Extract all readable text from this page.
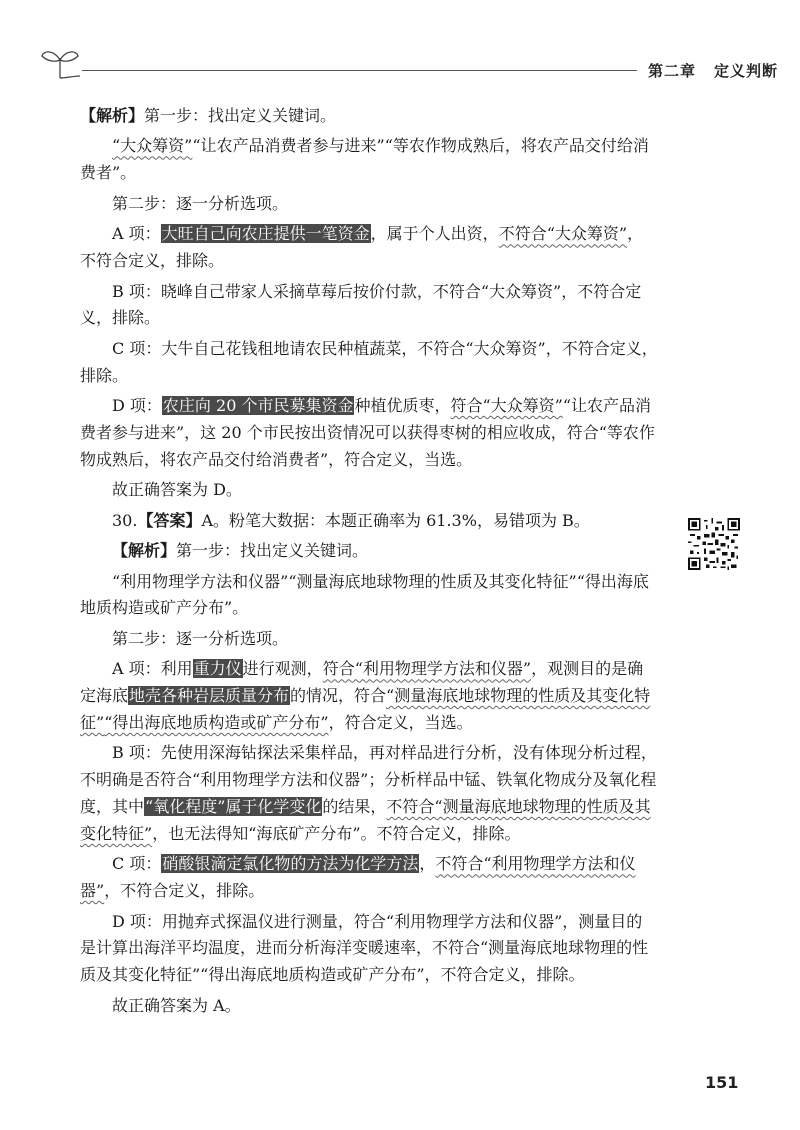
第二章 定义判断

【解析】第一步：找出定义关键词。

“大众筹资”“让农产品消费者参与进来”“等农作物成熟后，将农产品交付给消费者”。

第二步：逐一分析选项。

A 项：大旺自己向农庄提供一笔资金，属于个人出资，不符合“大众筹资”，不符合定义，排除。

B 项：晓峰自己带家人采摘草莓后按价付款，不符合“大众筹资”，不符合定义，排除。

C 项：大牛自己花钱租地请农民种植蔬菜，不符合“大众筹资”，不符合定义，排除。

D 项：农庄向 20 个市民募集资金种植优质枣，符合“大众筹资”“让农产品消费者参与进来”，这 20 个市民按出资情况可以获得枣树的相应收成，符合“等农作物成熟后，将农产品交付给消费者”，符合定义，当选。

故正确答案为 D。

30.【答案】A。粉笔大数据：本题正确率为 61.3%，易错项为 B。

【解析】第一步：找出定义关键词。

“利用物理学方法和仪器”“测量海底地球物理的性质及其变化特征”“得出海底地质构造或矿产分布”。

第二步：逐一分析选项。

A 项：利用重力仪进行观测，符合“利用物理学方法和仪器”，观测目的是确定海底地壳各种岩层质量分布的情况，符合“测量海底地球物理的性质及其变化特征”“得出海底地质构造或矿产分布”，符合定义，当选。

B 项：先使用深海钻探法采集样品，再对样品进行分析，没有体现分析过程，不明确是否符合“利用物理学方法和仪器”；分析样品中锰、铁氧化物成分及氧化程度，其中“氧化程度”属于化学变化的结果，不符合“测量海底地球物理的性质及其变化特征”，也无法得知“海底矿产分布”。不符合定义，排除。

C 项：硝酸银滴定氯化物的方法为化学方法，不符合“利用物理学方法和仪器”，不符合定义，排除。

D 项：用抛弃式探温仪进行测量，符合“利用物理学方法和仪器”，测量目的是计算出海洋平均温度，进而分析海洋变暖速率，不符合“测量海底地球物理的性质及其变化特征”“得出海底地质构造或矿产分布”，不符合定义，排除。

故正确答案为 A。

151
